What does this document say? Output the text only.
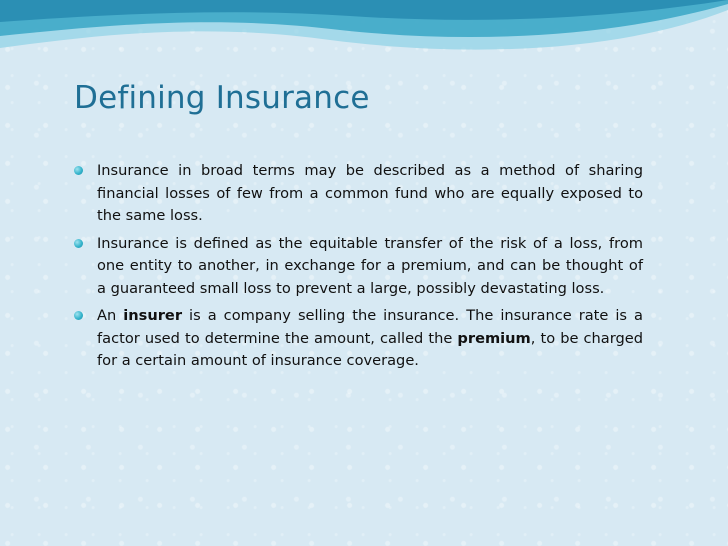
Defining Insurance
Insurance in broad terms may be described as a method of sharing financial losses of few from a common fund who are equally exposed to the same loss.
Insurance is defined as the equitable transfer of the risk of a loss, from one entity to another, in exchange for a premium, and can be thought of a guaranteed small loss to prevent a large, possibly devastating loss.
An insurer is a company selling the insurance. The insurance rate is a factor used to determine the amount, called the premium, to be charged for a certain amount of insurance coverage.
